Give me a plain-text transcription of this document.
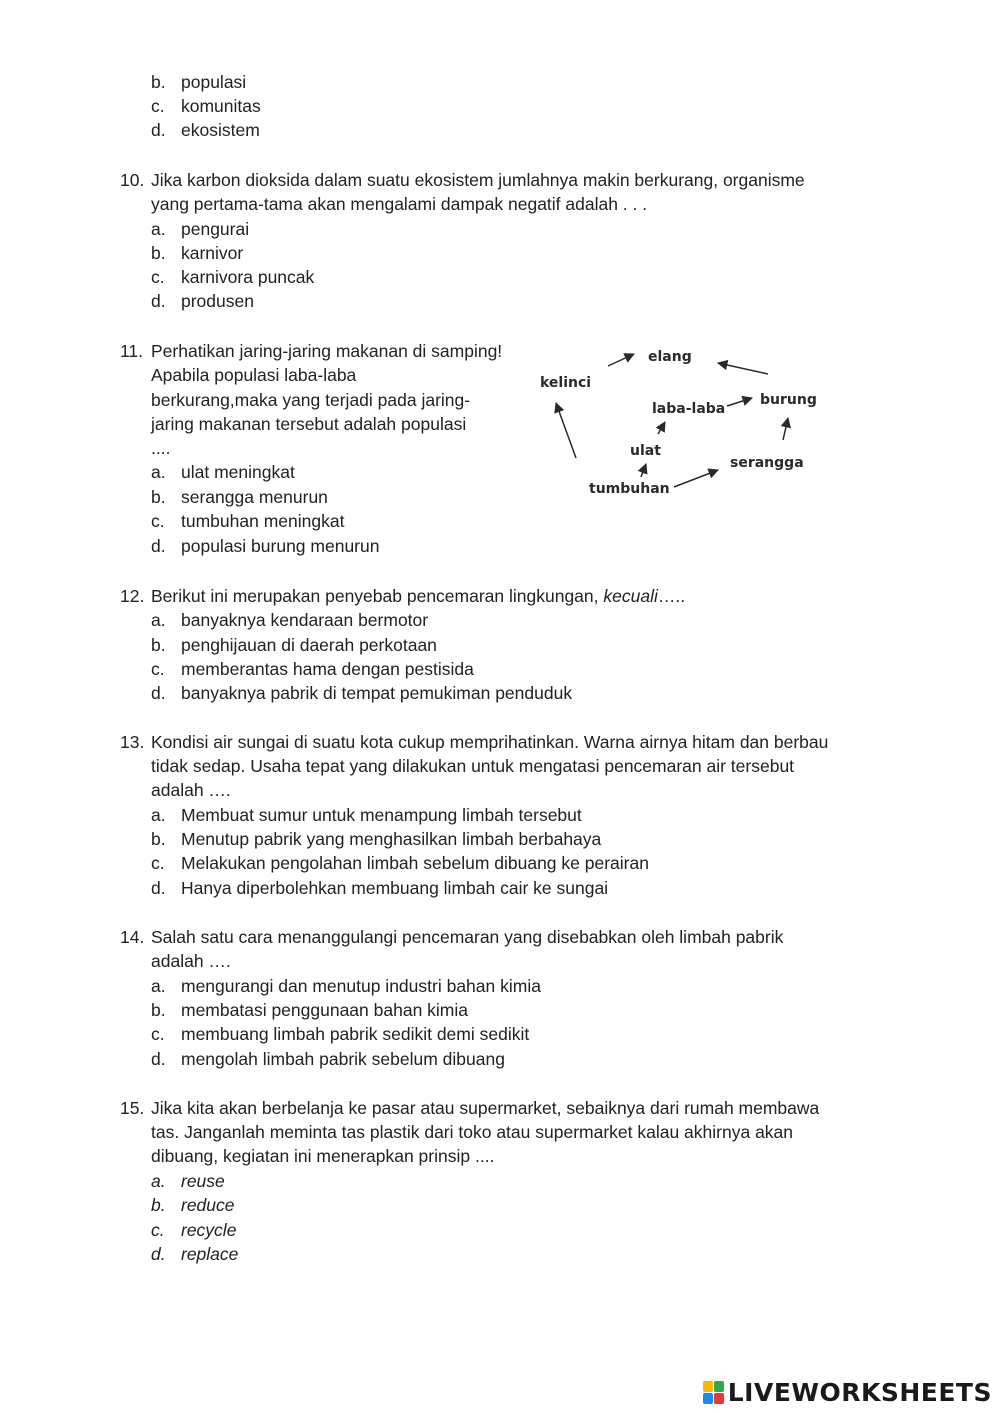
b. populasi
c. komunitas
d. ekosistem
10. Jika karbon dioksida dalam suatu ekosistem jumlahnya makin berkurang, organisme
yang pertama-tama akan mengalami dampak negatif adalah . . .
a. pengurai
b. karnivor
c. karnivora puncak
d. produsen
11. Perhatikan jaring-jaring makanan di samping!
Apabila populasi laba-laba
berkurang,maka yang terjadi pada jaring-
jaring makanan tersebut adalah populasi
....
a. ulat meningkat
b. serangga menurun
c. tumbuhan meningkat
d. populasi burung menurun
elang
kelinci
laba-laba
burung
ulat
serangga
tumbuhan
12. Berikut ini merupakan penyebab pencemaran lingkungan, kecuali…..
a. banyaknya kendaraan bermotor
b. penghijauan di daerah perkotaan
c. memberantas hama dengan pestisida
d. banyaknya pabrik di tempat pemukiman penduduk
13. Kondisi air sungai di suatu kota cukup memprihatinkan. Warna airnya hitam dan berbau
tidak sedap. Usaha tepat yang dilakukan untuk mengatasi pencemaran air tersebut
adalah ….
a. Membuat sumur untuk menampung limbah tersebut
b. Menutup pabrik yang menghasilkan limbah berbahaya
c. Melakukan pengolahan limbah sebelum dibuang ke perairan
d. Hanya diperbolehkan membuang limbah cair ke sungai
14. Salah satu cara menanggulangi pencemaran yang disebabkan oleh limbah pabrik
adalah ….
a. mengurangi dan menutup industri bahan kimia
b. membatasi penggunaan bahan kimia
c. membuang limbah pabrik sedikit demi sedikit
d. mengolah limbah pabrik sebelum dibuang
15. Jika kita akan berbelanja ke pasar atau supermarket, sebaiknya dari rumah membawa
tas. Janganlah meminta tas plastik dari toko atau supermarket kalau akhirnya akan
dibuang, kegiatan ini menerapkan prinsip ....
a. reuse
b. reduce
c. recycle
d. replace
LIVEWORKSHEETS
